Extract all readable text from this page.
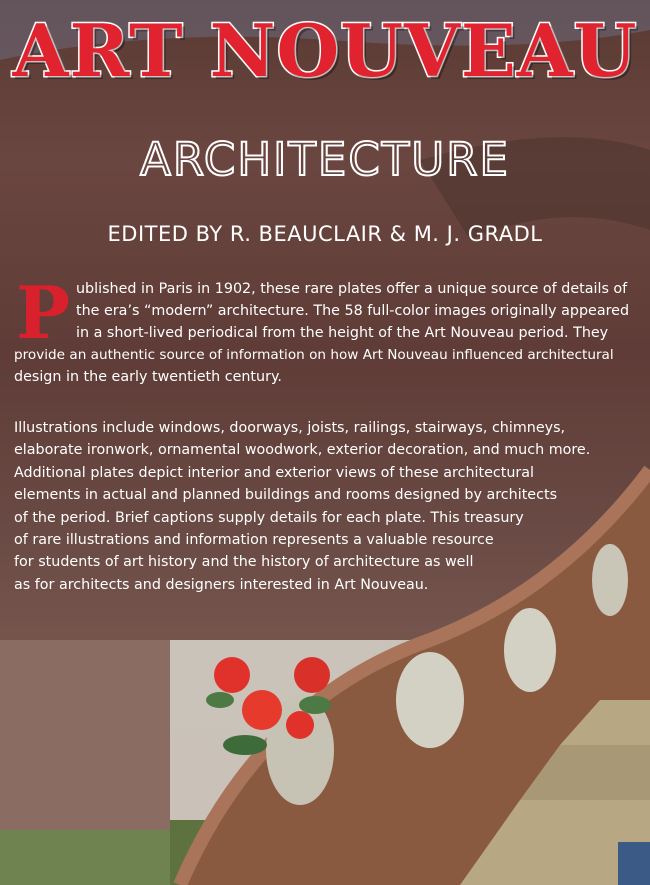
ART NOUVEAU
ARCHITECTURE
EDITED BY R. BEAUCLAIR & M. J. GRADL
P ublished in Paris in 1902, these rare plates offer a unique source of details of
the era’s “modern” architecture. The 58 full-color images originally appeared
in a short-lived periodical from the height of the Art Nouveau period. They
provide an authentic source of information on how Art Nouveau influenced architectural
design in the early twentieth century.
Illustrations include windows, doorways, joists, railings, stairways, chimneys,
elaborate ironwork, ornamental woodwork, exterior decoration, and much more.
Additional plates depict interior and exterior views of these architectural
elements in actual and planned buildings and rooms designed by architects
of the period. Brief captions supply details for each plate. This treasury
of rare illustrations and information represents a valuable resource
for students of art history and the history of architecture as well
as for architects and designers interested in Art Nouveau.
